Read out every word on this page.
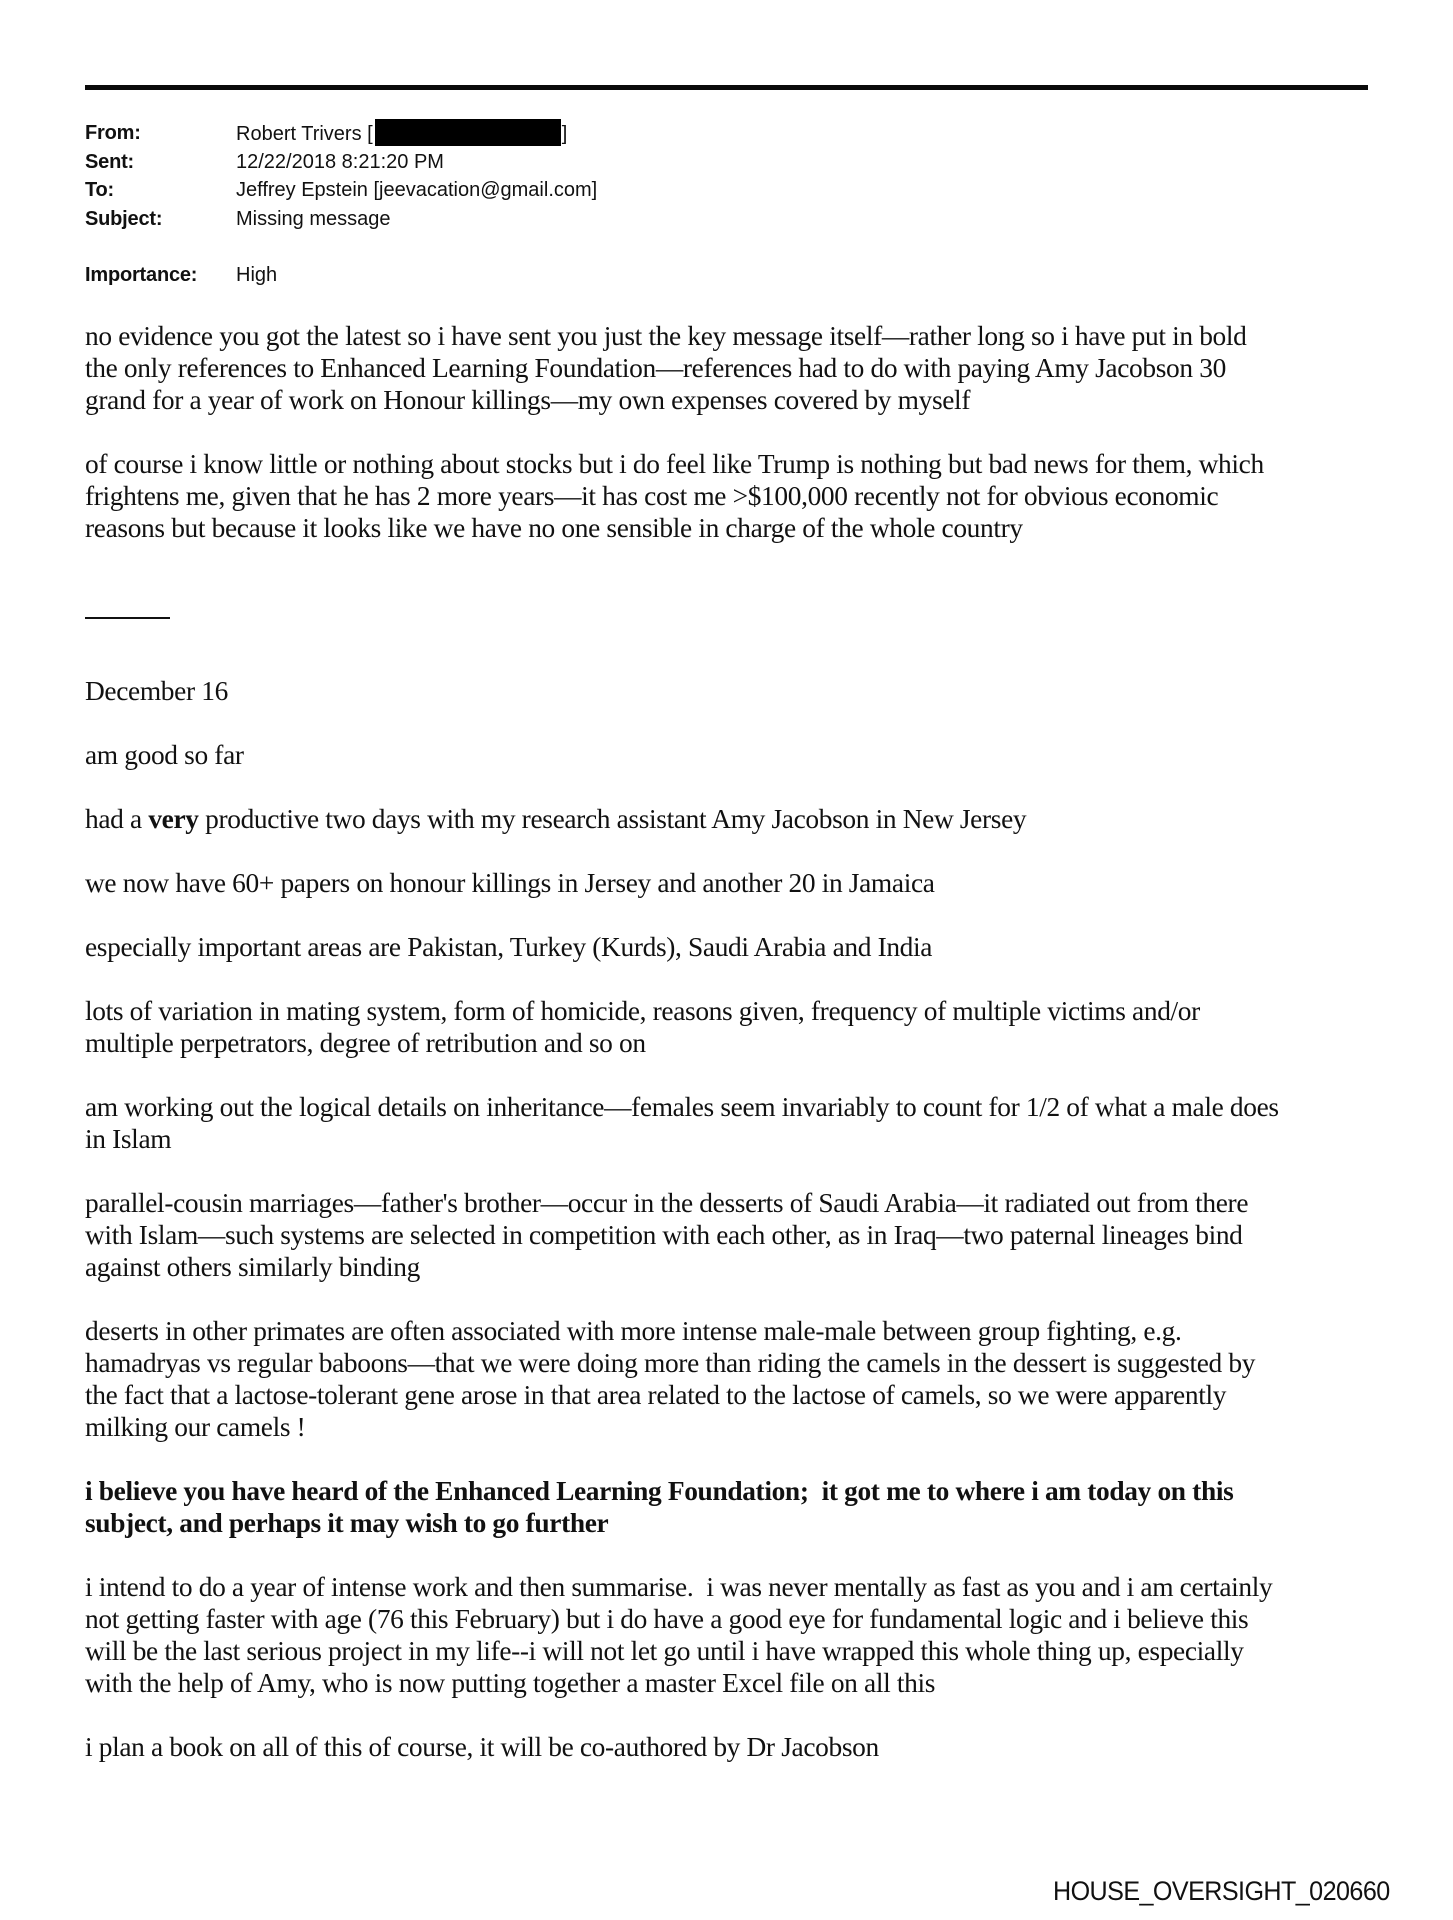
From:	Robert Trivers [	]
Sent:	12/22/2018 8:21:20 PM
To:	Jeffrey Epstein [jeevacation@gmail.com]
Subject:	Missing message
Importance: High
no evidence you got the latest so i have sent you just the key message itself—rather long so i have put in bold
the only references to Enhanced Learning Foundation—references had to do with paying Amy Jacobson 30
grand for a year of work on Honour killings—my own expenses covered by myself
of course i know little or nothing about stocks but i do feel like Trump is nothing but bad news for them, which
frightens me, given that he has 2 more years—it has cost me >$100,000 recently not for obvious economic
reasons but because it looks like we have no one sensible in charge of the whole country
December 16
am good so far
had a very productive two days with my research assistant Amy Jacobson in New Jersey
we now have 60+ papers on honour killings in Jersey and another 20 in Jamaica
especially important areas are Pakistan, Turkey (Kurds), Saudi Arabia and India
lots of variation in mating system, form of homicide, reasons given, frequency of multiple victims and/or
multiple perpetrators, degree of retribution and so on
am working out the logical details on inheritance—females seem invariably to count for 1/2 of what a male does
in Islam
parallel-cousin marriages—father's brother—occur in the desserts of Saudi Arabia—it radiated out from there
with Islam—such systems are selected in competition with each other, as in Iraq—two paternal lineages bind
against others similarly binding
deserts in other primates are often associated with more intense male-male between group fighting, e.g.
hamadryas vs regular baboons—that we were doing more than riding the camels in the dessert is suggested by
the fact that a lactose-tolerant gene arose in that area related to the lactose of camels, so we were apparently
milking our camels !
i believe you have heard of the Enhanced Learning Foundation;  it got me to where i am today on this
subject, and perhaps it may wish to go further
i intend to do a year of intense work and then summarise.  i was never mentally as fast as you and i am certainly
not getting faster with age (76 this February) but i do have a good eye for fundamental logic and i believe this
will be the last serious project in my life--i will not let go until i have wrapped this whole thing up, especially
with the help of Amy, who is now putting together a master Excel file on all this
i plan a book on all of this of course, it will be co-authored by Dr Jacobson
HOUSE_OVERSIGHT_020660
